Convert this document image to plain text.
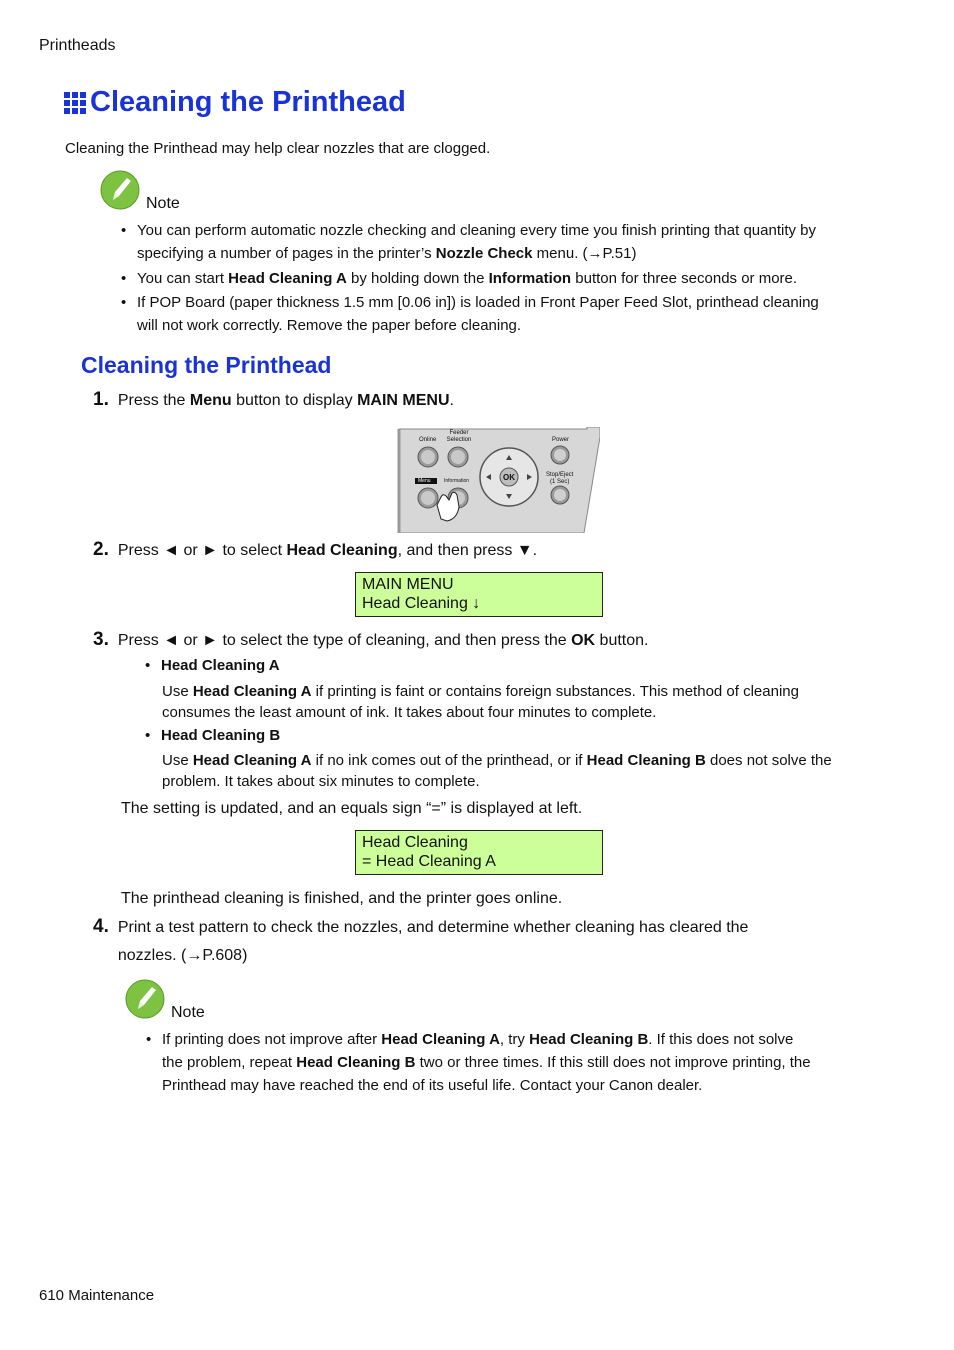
Printheads
Cleaning the Printhead
Cleaning the Printhead may help clear nozzles that are clogged.
Note
• You can perform automatic nozzle checking and cleaning every time you finish printing that quantity by
specifying a number of pages in the printer’s Nozzle Check menu. (→P.51)
• You can start Head Cleaning A by holding down the Information button for three seconds or more.
• If POP Board (paper thickness 1.5 mm [0.06 in]) is loaded in Front Paper Feed Slot, printhead cleaning
will not work correctly. Remove the paper before cleaning.
Cleaning the Printhead
1. Press the Menu button to display MAIN MENU.
Online
Feeder
Selection	Power
Menu	Information	OK	Stop/Eject
(1 Sec)
2. Press ◄ or ► to select Head Cleaning, and then press ▼.
MAIN MENU
Head Cleaning ↓
3. Press ◄ or ► to select the type of cleaning, and then press the OK button.
• Head Cleaning A
Use Head Cleaning A if printing is faint or contains foreign substances. This method of cleaning
consumes the least amount of ink. It takes about four minutes to complete.
• Head Cleaning B
Use Head Cleaning A if no ink comes out of the printhead, or if Head Cleaning B does not solve the
problem. It takes about six minutes to complete.
The setting is updated, and an equals sign “=” is displayed at left.
Head Cleaning
= Head Cleaning A
The printhead cleaning is finished, and the printer goes online.
4. Print a test pattern to check the nozzles, and determine whether cleaning has cleared the
nozzles. (→P.608)
Note
• If printing does not improve after Head Cleaning A, try Head Cleaning B. If this does not solve
the problem, repeat Head Cleaning B two or three times. If this still does not improve printing, the
Printhead may have reached the end of its useful life. Contact your Canon dealer.
610 Maintenance
